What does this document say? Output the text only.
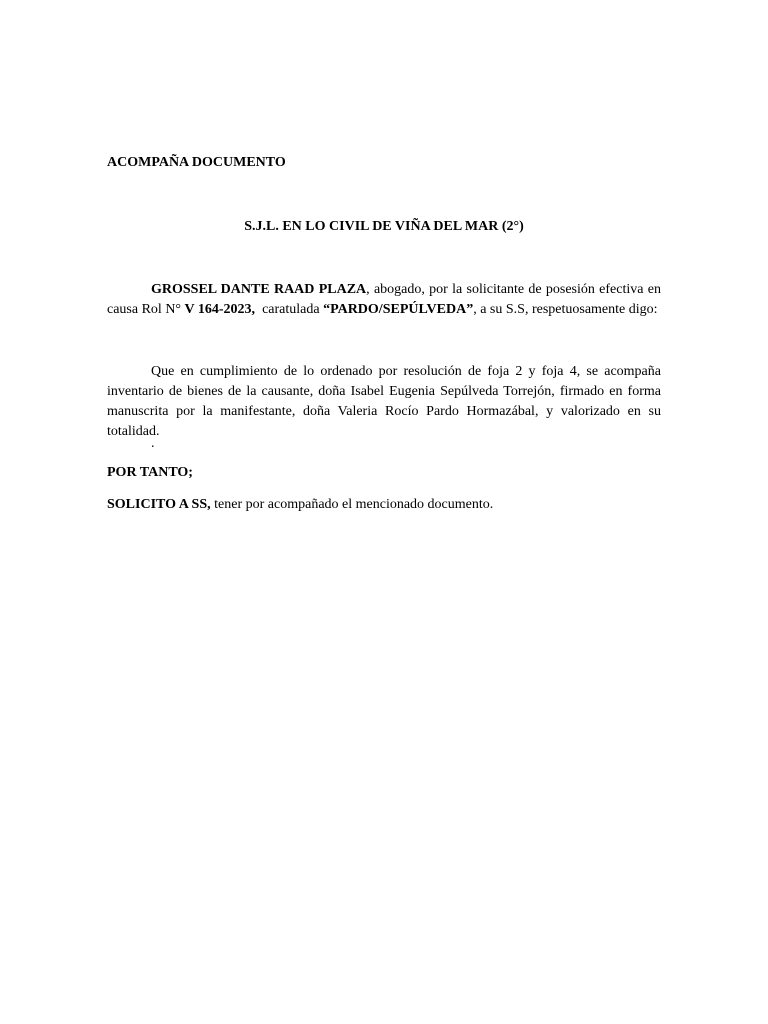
ACOMPAÑA DOCUMENTO
S.J.L. EN LO CIVIL DE VIÑA DEL MAR (2°)
GROSSEL DANTE RAAD PLAZA, abogado, por la solicitante de posesión efectiva en causa Rol N° V 164-2023,  caratulada “PARDO/SEPÚLVEDA”, a su S.S, respetuosamente digo:
Que en cumplimiento de lo ordenado por resolución de foja 2 y foja 4, se acompaña inventario de bienes de la causante, doña Isabel Eugenia Sepúlveda Torrejón, firmado en forma manuscrita por la manifestante, doña Valeria Rocío Pardo Hormazábal, y valorizado en su totalidad.
.
POR TANTO;
SOLICITO A SS, tener por acompañado el mencionado documento.
